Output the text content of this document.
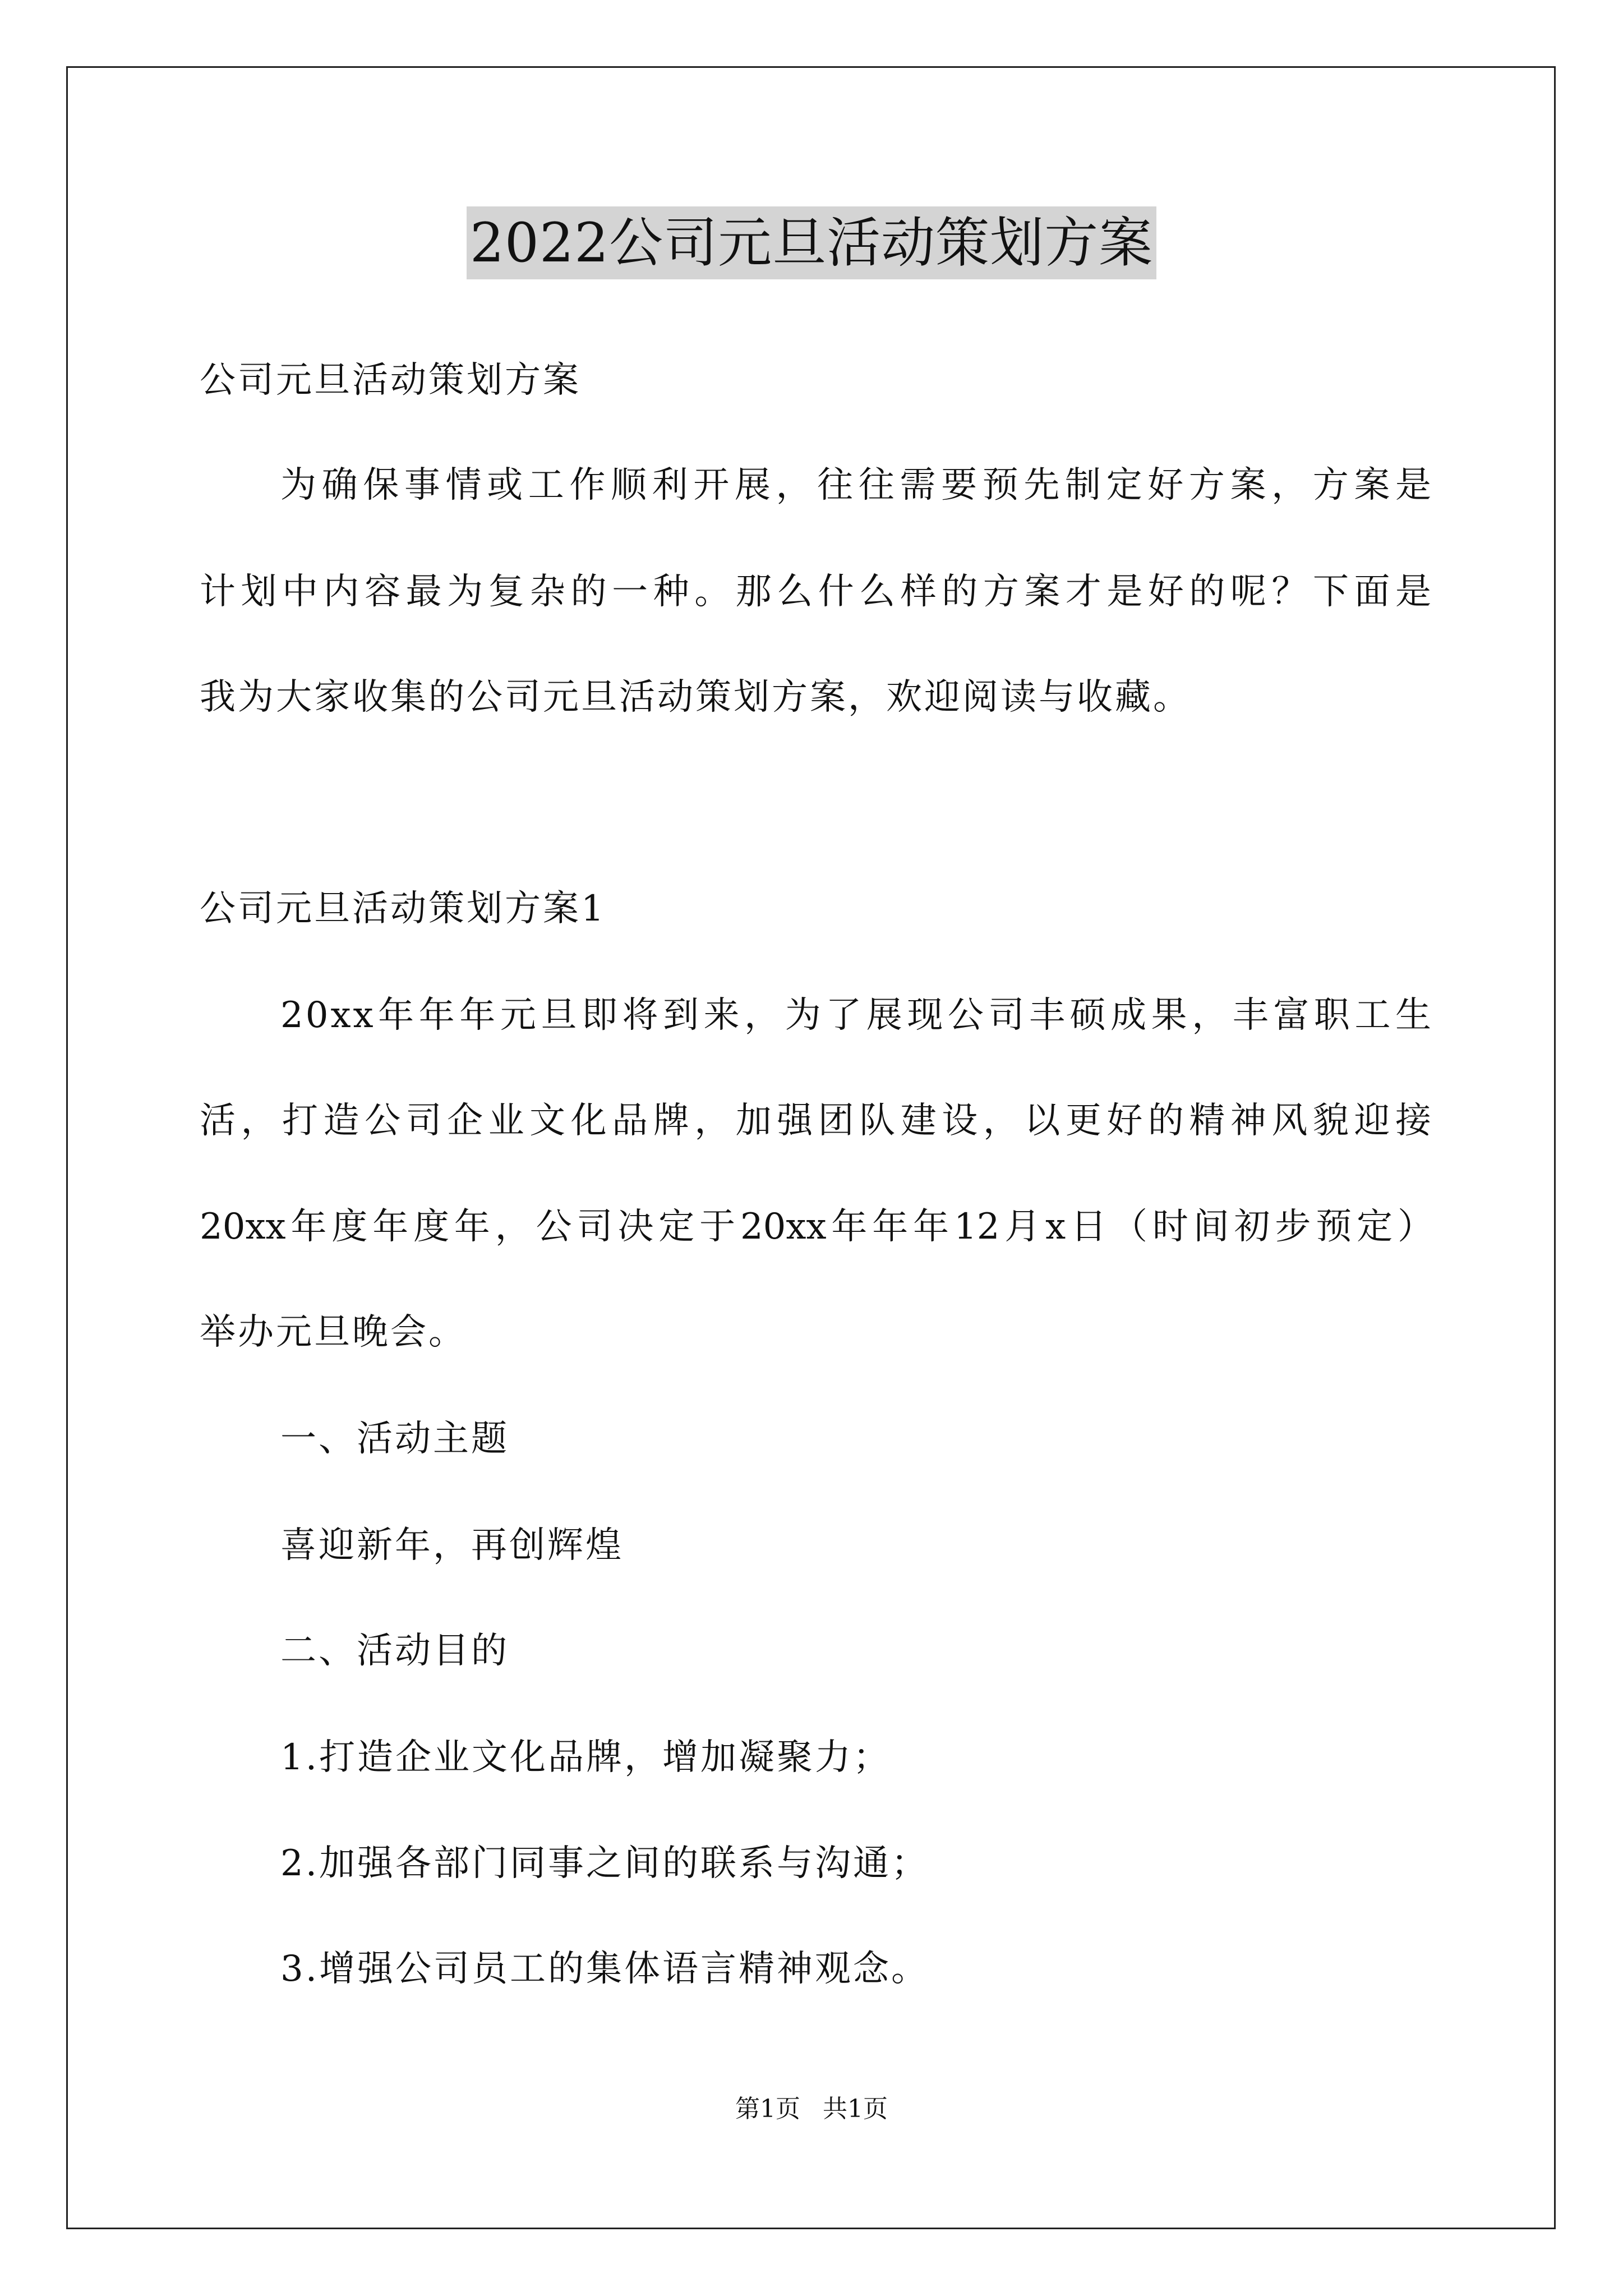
2022公司元旦活动策划方案
公司元旦活动策划方案
为确保事情或工作顺利开展，往往需要预先制定好方案，方案是
计划中内容最为复杂的一种。那么什么样的方案才是好的呢？下面是
我为大家收集的公司元旦活动策划方案，欢迎阅读与收藏。
公司元旦活动策划方案1
20xx年年年元旦即将到来，为了展现公司丰硕成果，丰富职工生
活，打造公司企业文化品牌，加强团队建设，以更好的精神风貌迎接
20xx年度年度年，公司决定于20xx年年年12月x日（时间初步预定）
举办元旦晚会。
一、活动主题
喜迎新年，再创辉煌
二、活动目的
1.打造企业文化品牌，增加凝聚力；
2.加强各部门同事之间的联系与沟通；
3.增强公司员工的集体语言精神观念。
第1页 共1页
